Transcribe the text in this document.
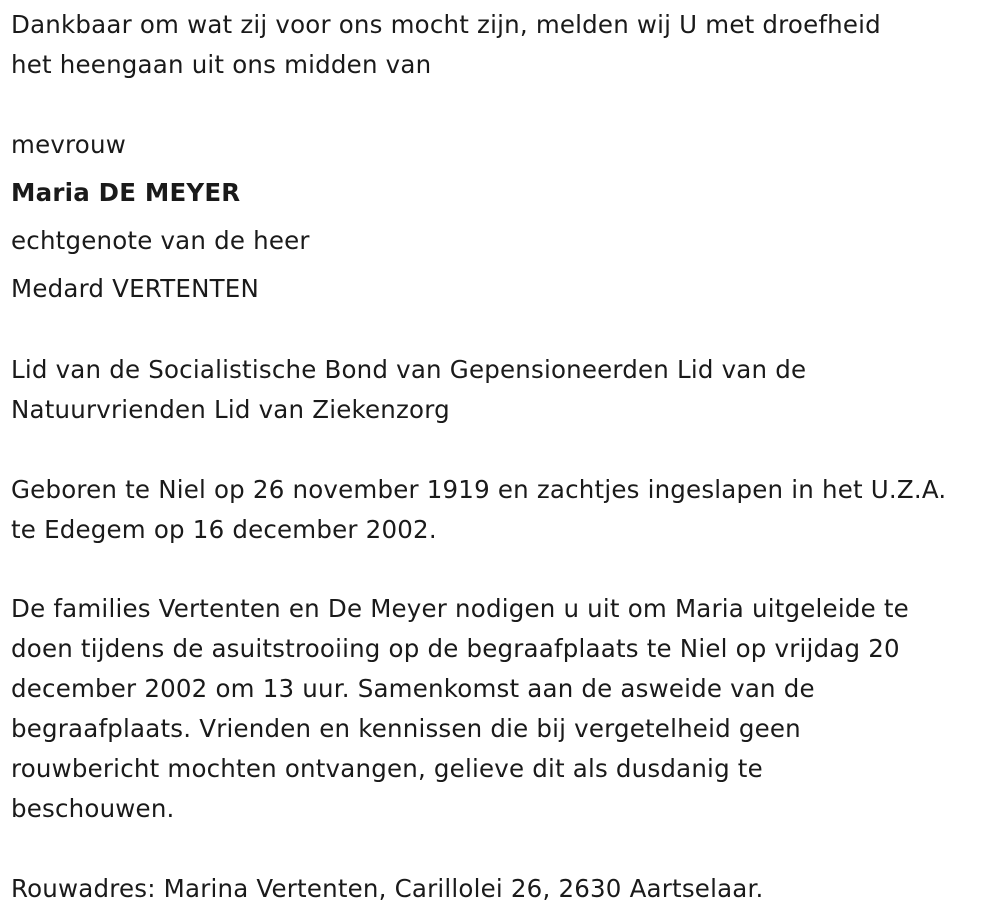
Dankbaar om wat zij voor ons mocht zijn, melden wij U met droefheid
het heengaan uit ons midden van
mevrouw
Maria DE MEYER
echtgenote van de heer
Medard VERTENTEN
Lid van de Socialistische Bond van Gepensioneerden Lid van de
Natuurvrienden Lid van Ziekenzorg
Geboren te Niel op 26 november 1919 en zachtjes ingeslapen in het U.Z.A.
te Edegem op 16 december 2002.
De families Vertenten en De Meyer nodigen u uit om Maria uitgeleide te
doen tijdens de asuitstrooiing op de begraafplaats te Niel op vrijdag 20
december 2002 om 13 uur. Samenkomst aan de asweide van de
begraafplaats. Vrienden en kennissen die bij vergetelheid geen
rouwbericht mochten ontvangen, gelieve dit als dusdanig te
beschouwen.
Rouwadres: Marina Vertenten, Carillolei 26, 2630 Aartselaar.
